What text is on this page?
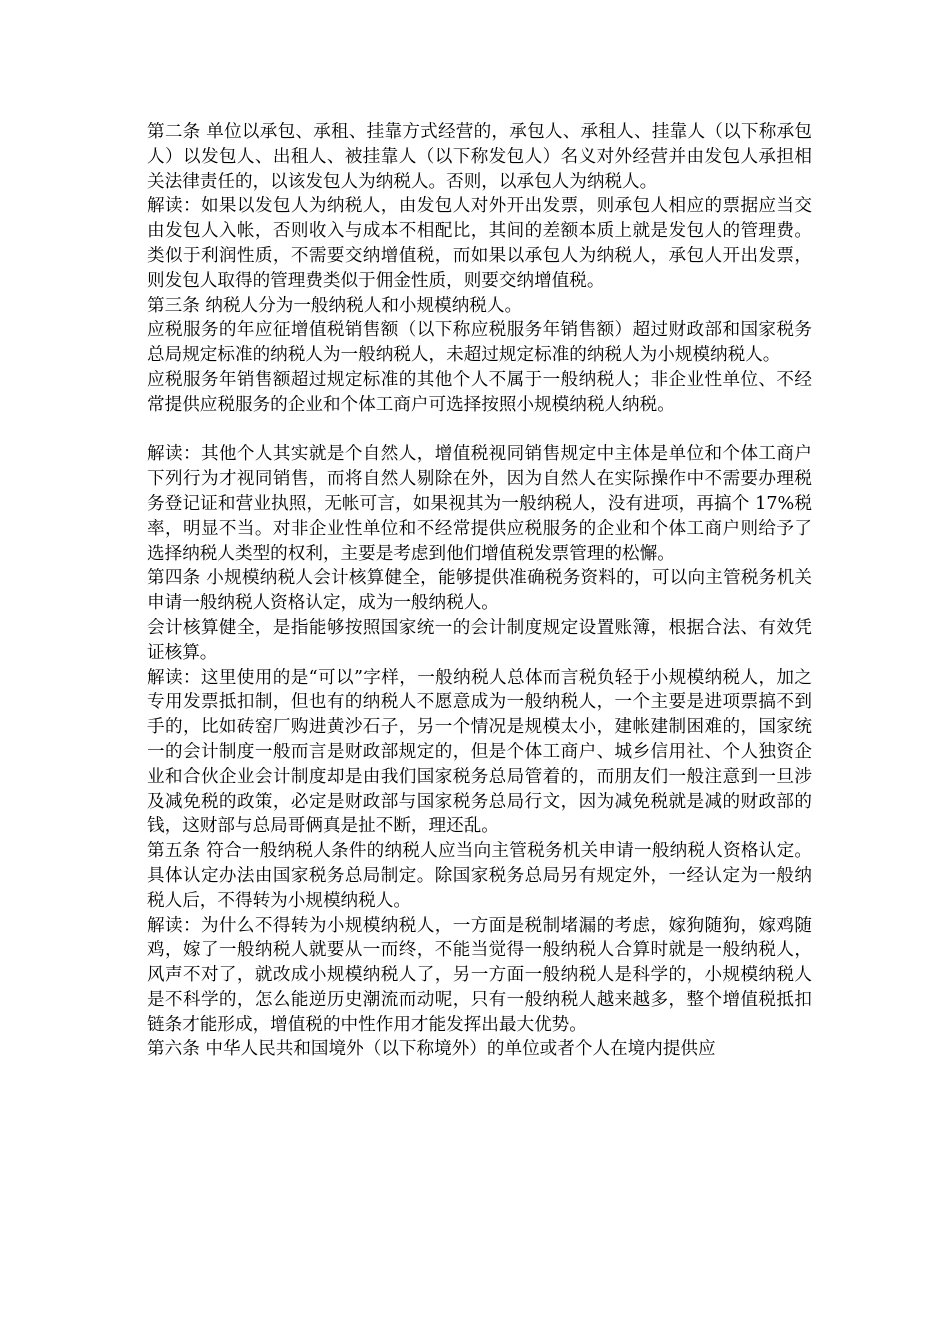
第二条 单位以承包、承租、挂靠方式经营的，承包人、承租人、挂靠人（以下称承包人）以发包人、出租人、被挂靠人（以下称发包人）名义对外经营并由发包人承担相关法律责任的，以该发包人为纳税人。否则，以承包人为纳税人。

解读：如果以发包人为纳税人，由发包人对外开出发票，则承包人相应的票据应当交由发包人入帐，否则收入与成本不相配比，其间的差额本质上就是发包人的管理费。类似于利润性质，不需要交纳增值税，而如果以承包人为纳税人，承包人开出发票，则发包人取得的管理费类似于佣金性质，则要交纳增值税。

第三条 纳税人分为一般纳税人和小规模纳税人。

应税服务的年应征增值税销售额（以下称应税服务年销售额）超过财政部和国家税务总局规定标准的纳税人为一般纳税人，未超过规定标准的纳税人为小规模纳税人。

应税服务年销售额超过规定标准的其他个人不属于一般纳税人；非企业性单位、不经常提供应税服务的企业和个体工商户可选择按照小规模纳税人纳税。

解读：其他个人其实就是个自然人，增值税视同销售规定中主体是单位和个体工商户下列行为才视同销售，而将自然人剔除在外，因为自然人在实际操作中不需要办理税务登记证和营业执照，无帐可言，如果视其为一般纳税人，没有进项，再搞个 17%税率，明显不当。对非企业性单位和不经常提供应税服务的企业和个体工商户则给予了选择纳税人类型的权利，主要是考虑到他们增值税发票管理的松懈。

第四条 小规模纳税人会计核算健全，能够提供准确税务资料的，可以向主管税务机关申请一般纳税人资格认定，成为一般纳税人。

会计核算健全，是指能够按照国家统一的会计制度规定设置账簿，根据合法、有效凭证核算。

解读：这里使用的是“可以”字样，一般纳税人总体而言税负轻于小规模纳税人，加之专用发票抵扣制，但也有的纳税人不愿意成为一般纳税人，一个主要是进项票搞不到手的，比如砖窑厂购进黄沙石子，另一个情况是规模太小，建帐建制困难的，国家统一的会计制度一般而言是财政部规定的，但是个体工商户、城乡信用社、个人独资企业和合伙企业会计制度却是由我们国家税务总局管着的，而朋友们一般注意到一旦涉及减免税的政策，必定是财政部与国家税务总局行文，因为减免税就是减的财政部的钱，这财部与总局哥俩真是扯不断，理还乱。

第五条 符合一般纳税人条件的纳税人应当向主管税务机关申请一般纳税人资格认定。具体认定办法由国家税务总局制定。除国家税务总局另有规定外，一经认定为一般纳税人后，不得转为小规模纳税人。

解读：为什么不得转为小规模纳税人，一方面是税制堵漏的考虑，嫁狗随狗，嫁鸡随鸡，嫁了一般纳税人就要从一而终，不能当觉得一般纳税人合算时就是一般纳税人，风声不对了，就改成小规模纳税人了，另一方面一般纳税人是科学的，小规模纳税人是不科学的，怎么能逆历史潮流而动呢，只有一般纳税人越来越多，整个增值税抵扣链条才能形成，增值税的中性作用才能发挥出最大优势。

第六条 中华人民共和国境外（以下称境外）的单位或者个人在境内提供应
